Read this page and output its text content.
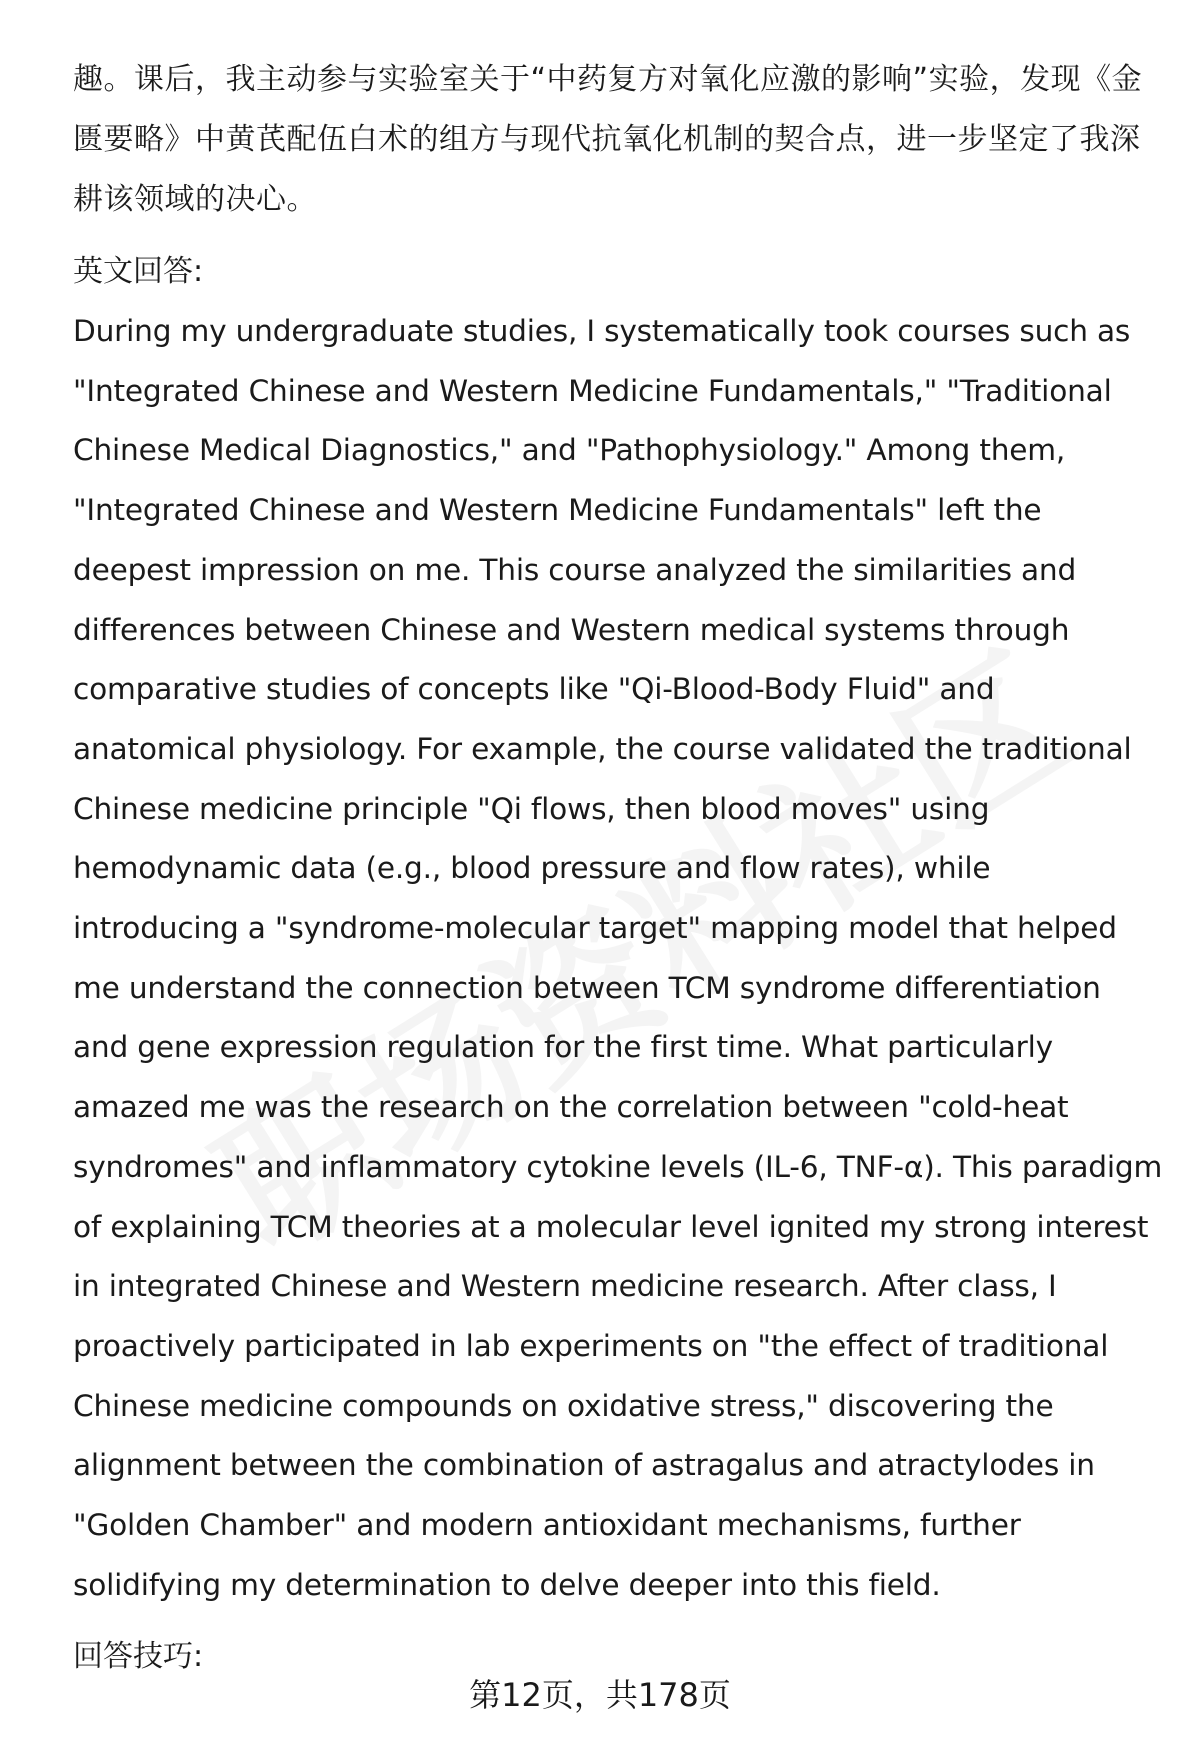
趣。课后，我主动参与实验室关于“中药复方对氧化应激的影响”实验，发现《金匮要略》中黄芪配伍白术的组方与现代抗氧化机制的契合点，进一步坚定了我深耕该领域的决心。

英文回答:

During my undergraduate studies, I systematically took courses such as "Integrated Chinese and Western Medicine Fundamentals," "Traditional Chinese Medical Diagnostics," and "Pathophysiology." Among them, "Integrated Chinese and Western Medicine Fundamentals" left the deepest impression on me. This course analyzed the similarities and differences between Chinese and Western medical systems through comparative studies of concepts like "Qi-Blood-Body Fluid" and anatomical physiology. For example, the course validated the traditional Chinese medicine principle "Qi flows, then blood moves" using hemodynamic data (e.g., blood pressure and flow rates), while introducing a "syndrome-molecular target" mapping model that helped me understand the connection between TCM syndrome differentiation and gene expression regulation for the first time. What particularly amazed me was the research on the correlation between "cold-heat syndromes" and inflammatory cytokine levels (IL-6, TNF-α). This paradigm of explaining TCM theories at a molecular level ignited my strong interest in integrated Chinese and Western medicine research. After class, I proactively participated in lab experiments on "the effect of traditional Chinese medicine compounds on oxidative stress," discovering the alignment between the combination of astragalus and atractylodes in "Golden Chamber" and modern antioxidant mechanisms, further solidifying my determination to delve deeper into this field.

回答技巧:

第12页，共178页
